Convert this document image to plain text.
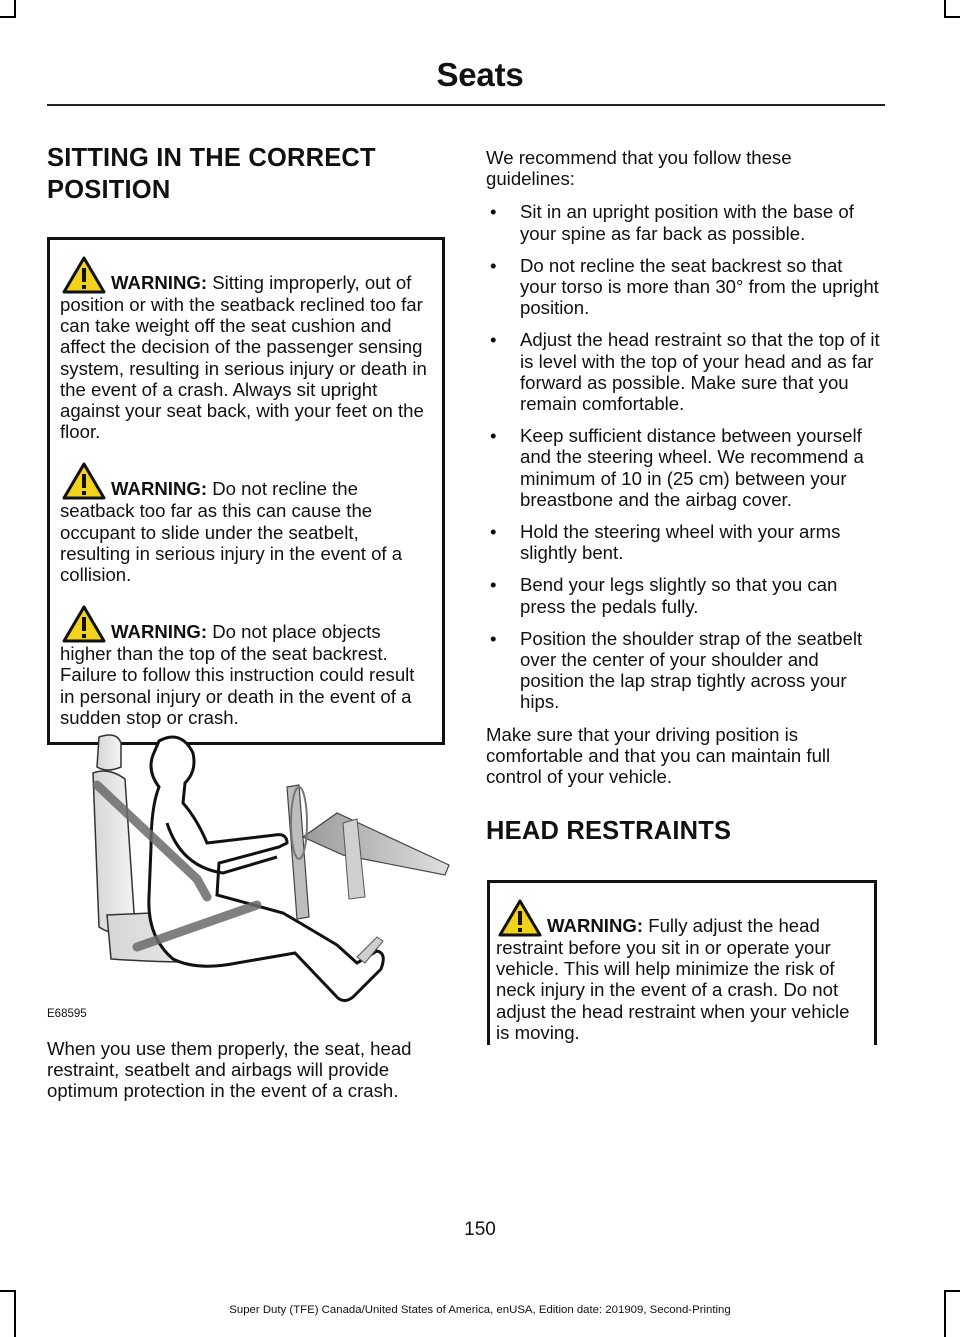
Seats
SITTING IN THE CORRECT
POSITION

WARNING: Sitting improperly, out of position or with the seatback reclined too far can take weight off the seat cushion and affect the decision of the passenger sensing system, resulting in serious injury or death in the event of a crash. Always sit upright against your seat back, with your feet on the floor.

WARNING: Do not recline the seatback too far as this can cause the occupant to slide under the seatbelt, resulting in serious injury in the event of a collision.

WARNING: Do not place objects higher than the top of the seat backrest. Failure to follow this instruction could result in personal injury or death in the event of a sudden stop or crash.

E68595

When you use them properly, the seat, head restraint, seatbelt and airbags will provide optimum protection in the event of a crash.

We recommend that you follow these guidelines:

• Sit in an upright position with the base of your spine as far back as possible.
• Do not recline the seat backrest so that your torso is more than 30° from the upright position.
• Adjust the head restraint so that the top of it is level with the top of your head and as far forward as possible. Make sure that you remain comfortable.
• Keep sufficient distance between yourself and the steering wheel. We recommend a minimum of 10 in (25 cm) between your breastbone and the airbag cover.
• Hold the steering wheel with your arms slightly bent.
• Bend your legs slightly so that you can press the pedals fully.
• Position the shoulder strap of the seatbelt over the center of your shoulder and position the lap strap tightly across your hips.

Make sure that your driving position is comfortable and that you can maintain full control of your vehicle.

HEAD RESTRAINTS

WARNING: Fully adjust the head restraint before you sit in or operate your vehicle. This will help minimize the risk of neck injury in the event of a crash. Do not adjust the head restraint when your vehicle is moving.

150
Super Duty (TFE) Canada/United States of America, enUSA, Edition date: 201909, Second-Printing
